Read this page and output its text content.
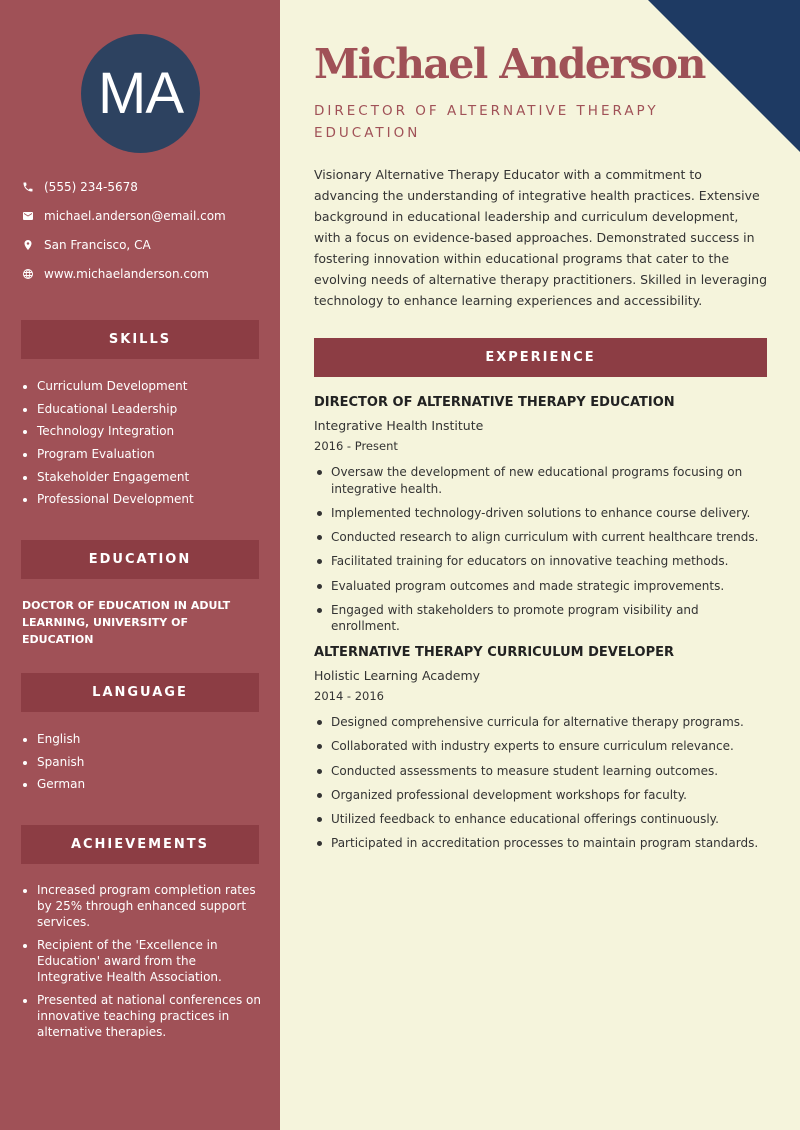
MA
(555) 234-5678
michael.anderson@email.com
San Francisco, CA
www.michaelanderson.com
SKILLS
Curriculum Development
Educational Leadership
Technology Integration
Program Evaluation
Stakeholder Engagement
Professional Development
EDUCATION
DOCTOR OF EDUCATION IN ADULT LEARNING, UNIVERSITY OF EDUCATION
LANGUAGE
English
Spanish
German
ACHIEVEMENTS
Increased program completion rates by 25% through enhanced support services.
Recipient of the 'Excellence in Education' award from the Integrative Health Association.
Presented at national conferences on innovative teaching practices in alternative therapies.
Michael Anderson
DIRECTOR OF ALTERNATIVE THERAPY EDUCATION

Visionary Alternative Therapy Educator with a commitment to advancing the understanding of integrative health practices. Extensive background in educational leadership and curriculum development, with a focus on evidence-based approaches. Demonstrated success in fostering innovation within educational programs that cater to the evolving needs of alternative therapy practitioners. Skilled in leveraging technology to enhance learning experiences and accessibility.

EXPERIENCE
DIRECTOR OF ALTERNATIVE THERAPY EDUCATION
Integrative Health Institute
2016 - Present
Oversaw the development of new educational programs focusing on integrative health.
Implemented technology-driven solutions to enhance course delivery.
Conducted research to align curriculum with current healthcare trends.
Facilitated training for educators on innovative teaching methods.
Evaluated program outcomes and made strategic improvements.
Engaged with stakeholders to promote program visibility and enrollment.
ALTERNATIVE THERAPY CURRICULUM DEVELOPER
Holistic Learning Academy
2014 - 2016
Designed comprehensive curricula for alternative therapy programs.
Collaborated with industry experts to ensure curriculum relevance.
Conducted assessments to measure student learning outcomes.
Organized professional development workshops for faculty.
Utilized feedback to enhance educational offerings continuously.
Participated in accreditation processes to maintain program standards.
